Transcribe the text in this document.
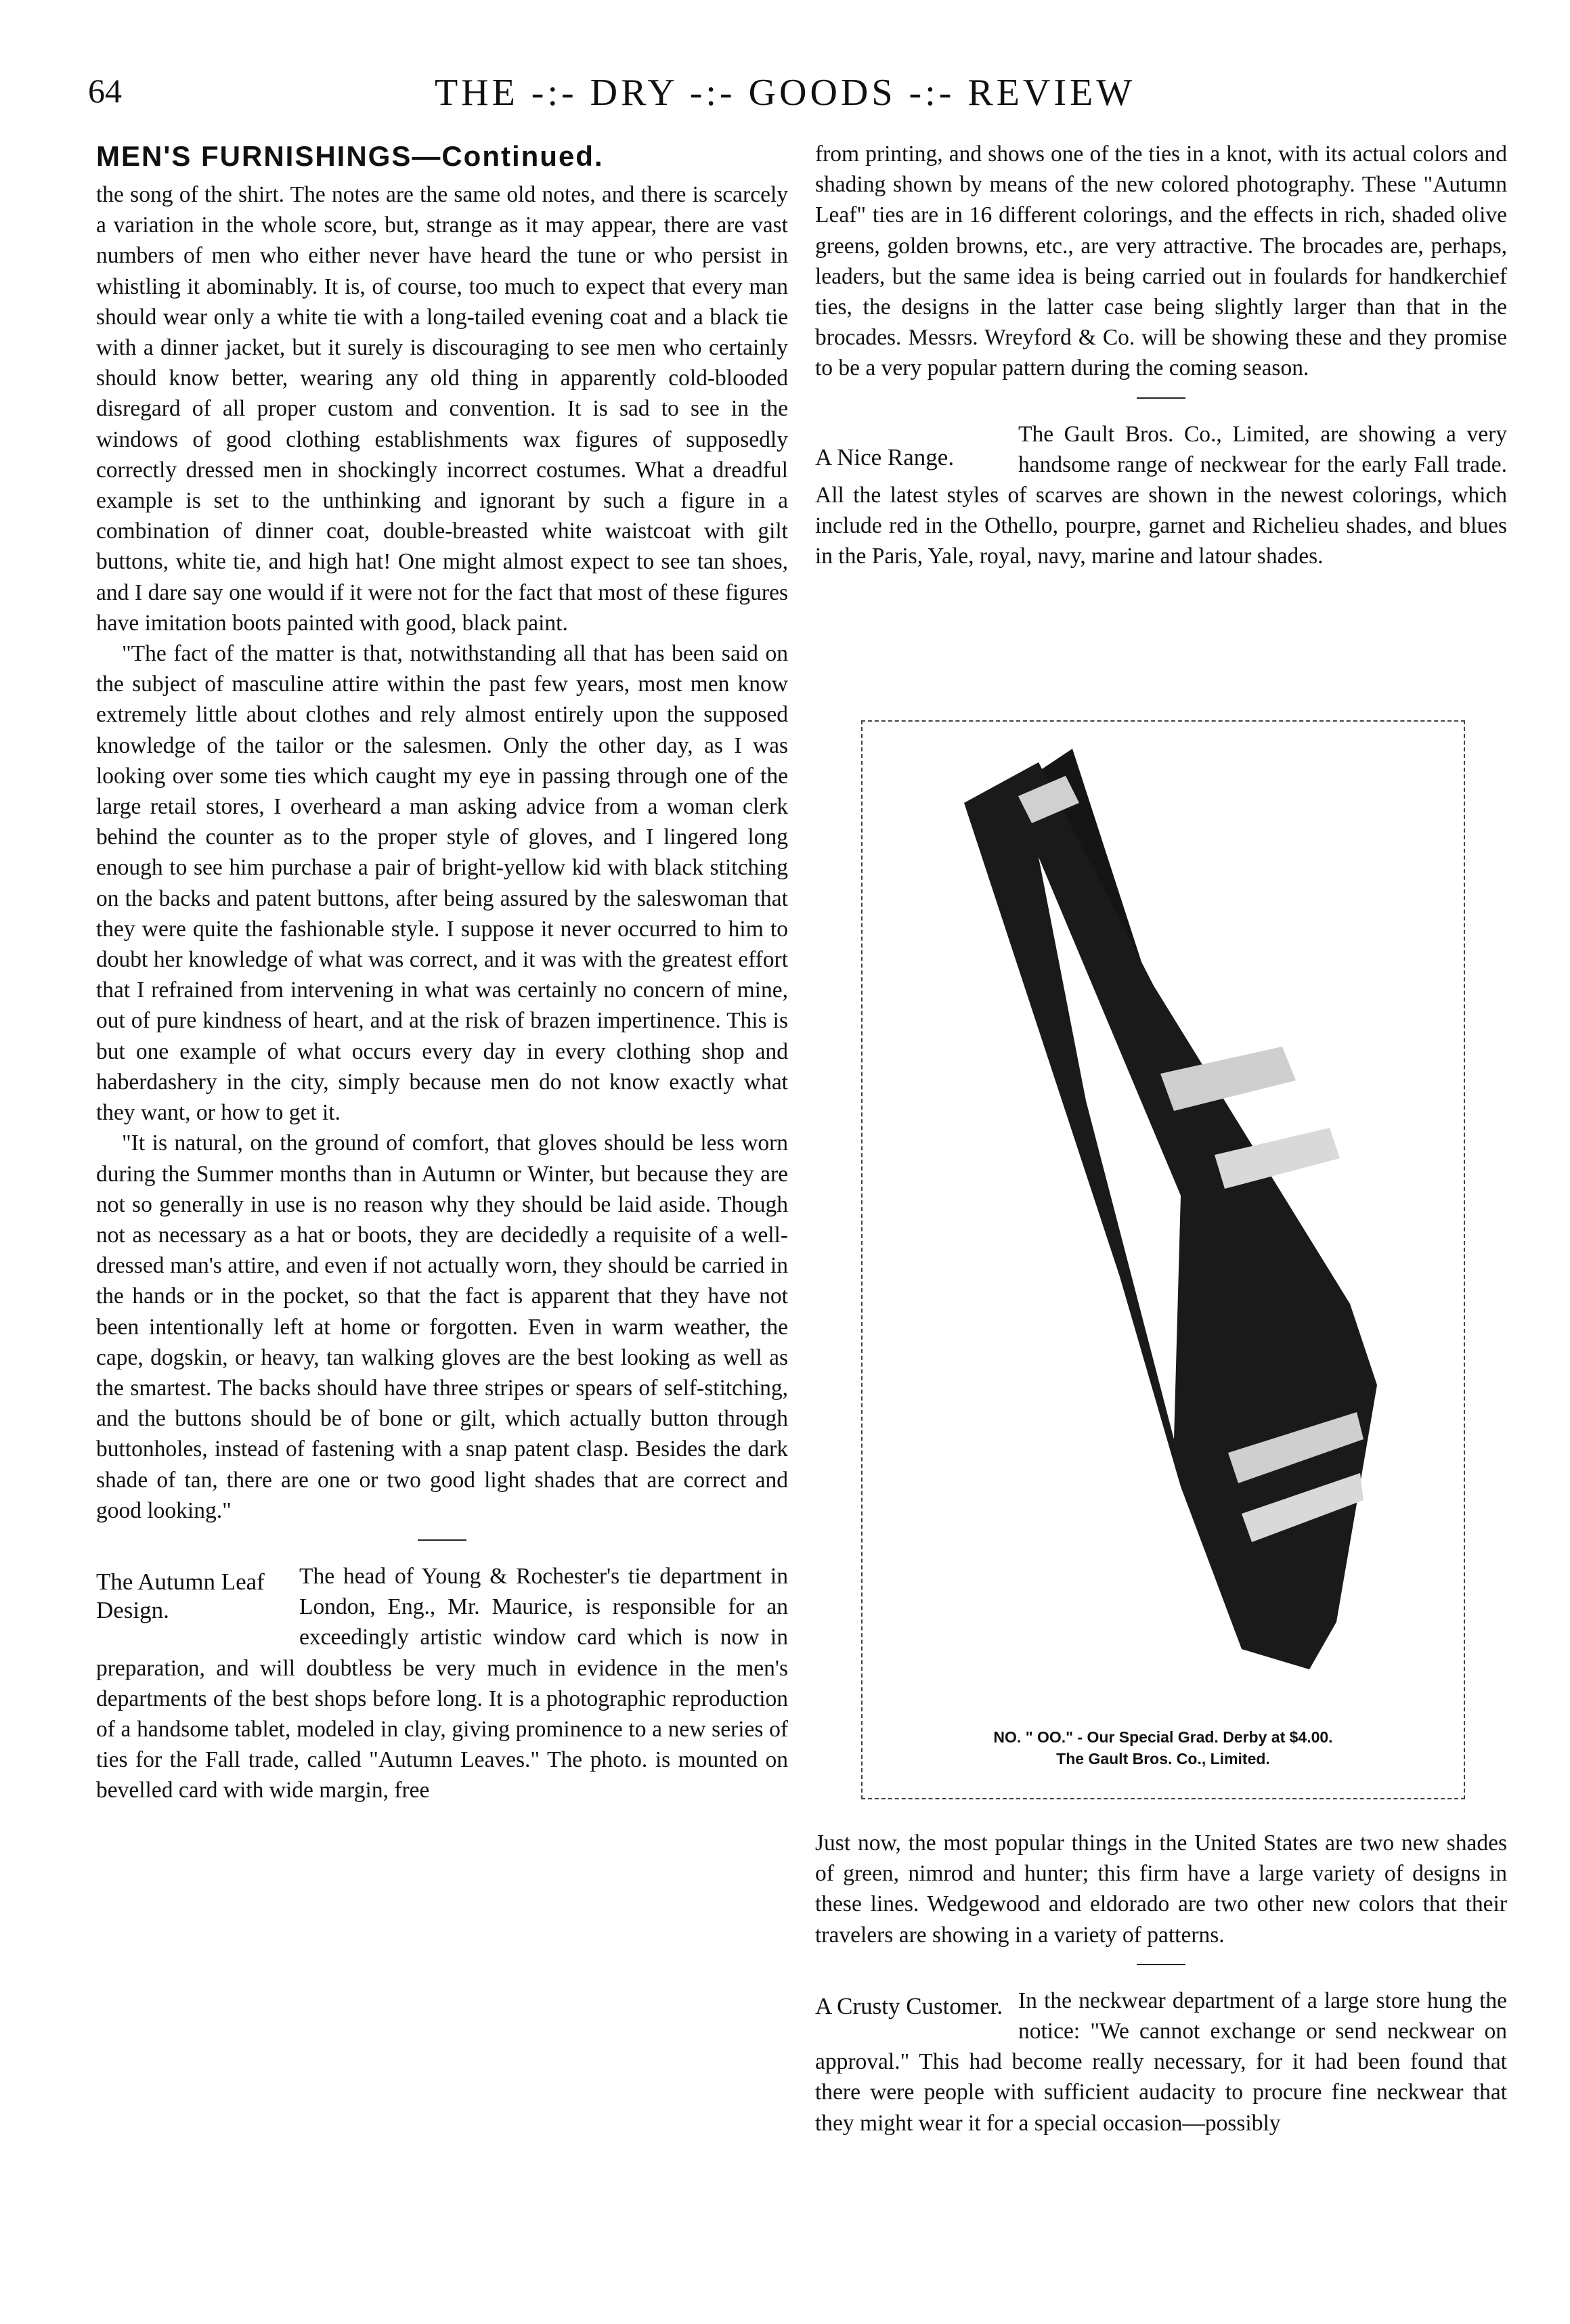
64	THE -:- DRY -:- GOODS -:- REVIEW

MEN'S FURNISHINGS—Continued.

the song of the shirt. The notes are the same old notes, and there is scarcely a variation in the whole score, but, strange as it may appear, there are vast numbers of men who either never have heard the tune or who persist in whistling it abominably. It is, of course, too much to expect that every man should wear only a white tie with a long-tailed evening coat and a black tie with a dinner jacket, but it surely is discouraging to see men who certainly should know better, wearing any old thing in apparently cold-blooded disregard of all proper custom and convention. It is sad to see in the windows of good clothing establishments wax figures of supposedly correctly dressed men in shockingly incorrect costumes. What a dreadful example is set to the unthinking and ignorant by such a figure in a combination of dinner coat, double-breasted white waistcoat with gilt buttons, white tie, and high hat! One might almost expect to see tan shoes, and I dare say one would if it were not for the fact that most of these figures have imitation boots painted with good, black paint.

"The fact of the matter is that, notwithstanding all that has been said on the subject of masculine attire within the past few years, most men know extremely little about clothes and rely almost entirely upon the supposed knowledge of the tailor or the salesmen. Only the other day, as I was looking over some ties which caught my eye in passing through one of the large retail stores, I overheard a man asking advice from a woman clerk behind the counter as to the proper style of gloves, and I lingered long enough to see him purchase a pair of bright-yellow kid with black stitching on the backs and patent buttons, after being assured by the saleswoman that they were quite the fashionable style. I suppose it never occurred to him to doubt her knowledge of what was correct, and it was with the greatest effort that I refrained from intervening in what was certainly no concern of mine, out of pure kindness of heart, and at the risk of brazen impertinence. This is but one example of what occurs every day in every clothing shop and haberdashery in the city, simply because men do not know exactly what they want, or how to get it.

"It is natural, on the ground of comfort, that gloves should be less worn during the Summer months than in Autumn or Winter, but because they are not so generally in use is no reason why they should be laid aside. Though not as necessary as a hat or boots, they are decidedly a requisite of a well-dressed man's attire, and even if not actually worn, they should be carried in the hands or in the pocket, so that the fact is apparent that they have not been intentionally left at home or forgotten. Even in warm weather, the cape, dogskin, or heavy, tan walking gloves are the best looking as well as the smartest. The backs should have three stripes or spears of self-stitching, and the buttons should be of bone or gilt, which actually button through buttonholes, instead of fastening with a snap patent clasp. Besides the dark shade of tan, there are one or two good light shades that are correct and good looking."

The Autumn Leaf Design.

The head of Young & Rochester's tie department in London, Eng., Mr. Maurice, is responsible for an exceedingly artistic window card which is now in preparation, and will doubtless be very much in evidence in the men's departments of the best shops before long. It is a photographic reproduction of a handsome tablet, modeled in clay, giving prominence to a new series of ties for the Fall trade, called "Autumn Leaves." The photo. is mounted on bevelled card with wide margin, free

from printing, and shows one of the ties in a knot, with its actual colors and shading shown by means of the new colored photography. These "Autumn Leaf" ties are in 16 different colorings, and the effects in rich, shaded olive greens, golden browns, etc., are very attractive. The brocades are, perhaps, leaders, but the same idea is being carried out in foulards for handkerchief ties, the designs in the latter case being slightly larger than that in the brocades. Messrs. Wreyford & Co. will be showing these and they promise to be a very popular pattern during the coming season.

A Nice Range.

The Gault Bros. Co., Limited, are showing a very handsome range of neckwear for the early Fall trade. All the latest styles of scarves are shown in the newest colorings, which include red in the Othello, pourpre, garnet and Richelieu shades, and blues in the Paris, Yale, royal, navy, marine and latour shades.

NO. " OO." - Our Special Grad. Derby at $4.00.
The Gault Bros. Co., Limited.

Just now, the most popular things in the United States are two new shades of green, nimrod and hunter; this firm have a large variety of designs in these lines. Wedgewood and eldorado are two other new colors that their travelers are showing in a variety of patterns.

A Crusty Customer. In the neckwear department of a large store hung the notice: "We cannot exchange or send neckwear on approval." This had become really necessary, for it had been found that there were people with sufficient audacity to procure fine neckwear that they might wear it for a special occasion—possibly
